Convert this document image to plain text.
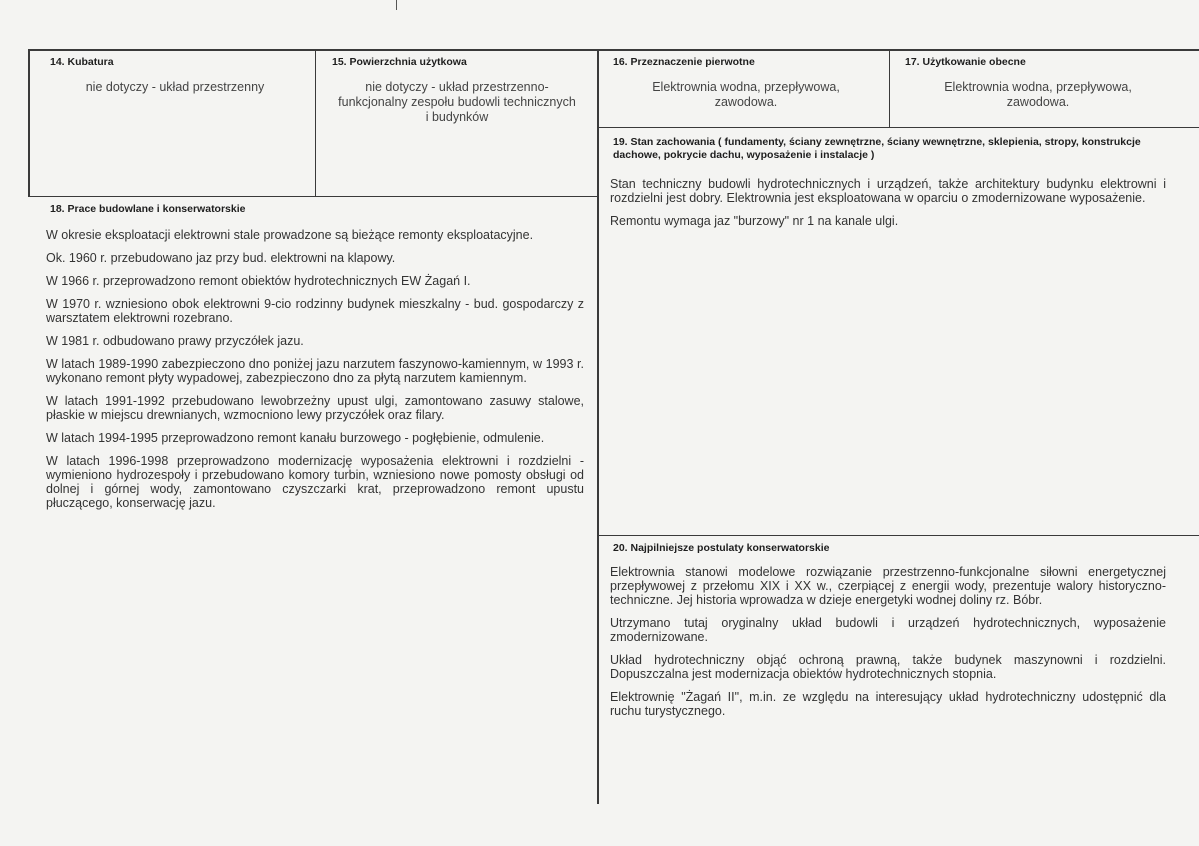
14. Kubatura
nie dotyczy - układ przestrzenny
15. Powierzchnia użytkowa
nie dotyczy - układ przestrzenno-funkcjonalny zespołu budowli technicznych i budynków
16. Przeznaczenie pierwotne
Elektrownia wodna, przepływowa, zawodowa.
17. Użytkowanie obecne
Elektrownia wodna, przepływowa, zawodowa.
19. Stan zachowania ( fundamenty, ściany zewnętrzne, ściany wewnętrzne, sklepienia, stropy, konstrukcje dachowe, pokrycie dachu, wyposażenie i instalacje )

Stan techniczny budowli hydrotechnicznych i urządzeń, także architektury budynku elektrowni i rozdzielni jest dobry. Elektrownia jest eksploatowana w oparciu o zmodernizowane wyposażenie.

Remontu wymaga jaz "burzowy" nr 1 na kanale ulgi.

18. Prace budowlane i konserwatorskie

W okresie eksploatacji elektrowni stale prowadzone są bieżące remonty eksploatacyjne.

Ok. 1960 r. przebudowano jaz przy bud. elektrowni na klapowy.

W 1966 r. przeprowadzono remont obiektów hydrotechnicznych EW Żagań I.

W 1970 r. wzniesiono obok elektrowni 9-cio rodzinny budynek mieszkalny - bud. gospodarczy z warsztatem elektrowni rozebrano.

W 1981 r. odbudowano prawy przyczółek jazu.

W latach 1989-1990 zabezpieczono dno poniżej jazu narzutem faszynowo-kamiennym, w 1993 r. wykonano remont płyty wypadowej, zabezpieczono dno za płytą narzutem kamiennym.

W latach 1991-1992 przebudowano lewobrzeżny upust ulgi, zamontowano zasuwy stalowe, płaskie w miejscu drewnianych, wzmocniono lewy przyczółek oraz filary.

W latach 1994-1995 przeprowadzono remont kanału burzowego - pogłębienie, odmulenie.

W latach 1996-1998 przeprowadzono modernizację wyposażenia elektrowni i rozdzielni - wymieniono hydrozespoły i przebudowano komory turbin, wzniesiono nowe pomosty obsługi od dolnej i górnej wody, zamontowano czyszczarki krat, przeprowadzono remont upustu płuczącego, konserwację jazu.

20. Najpilniejsze postulaty konserwatorskie

Elektrownia stanowi modelowe rozwiązanie przestrzenno-funkcjonalne siłowni energetycznej przepływowej z przełomu XIX i XX w., czerpiącej z energii wody, prezentuje walory historyczno-techniczne. Jej historia wprowadza w dzieje energetyki wodnej doliny rz. Bóbr.

Utrzymano tutaj oryginalny układ budowli i urządzeń hydrotechnicznych, wyposażenie zmodernizowane.

Układ hydrotechniczny objąć ochroną prawną, także budynek maszynowni i rozdzielni. Dopuszczalna jest modernizacja obiektów hydrotechnicznych stopnia.

Elektrownię "Żagań II", m.in. ze względu na interesujący układ hydrotechniczny udostępnić dla ruchu turystycznego.
